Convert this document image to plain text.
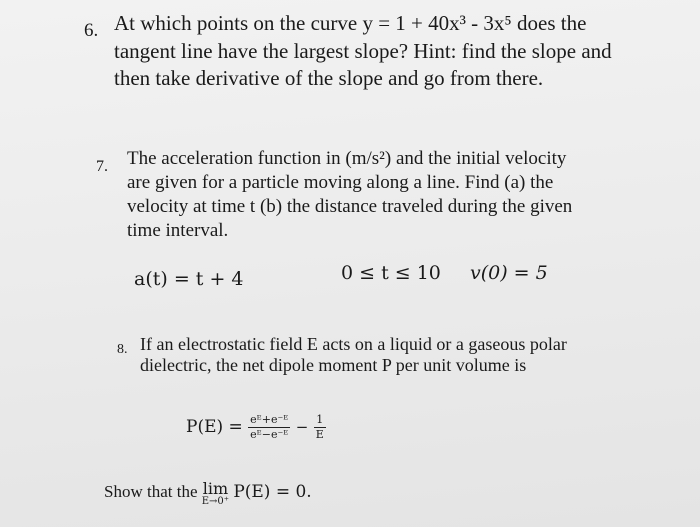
6. At which points on the curve y = 1 + 40x³ - 3x⁵ does the
tangent line have the largest slope? Hint: find the slope and
then take derivative of the slope and go from there.
7. The acceleration function in (m/s²) and the initial velocity
are given for a particle moving along a line. Find (a) the
velocity at time t (b) the distance traveled during the given
time interval.
a(t) = t + 4	0 ≤ t ≤ 10 v(0) = 5
8. If an electrostatic field E acts on a liquid or a gaseous polar
dielectric, the net dipole moment P per unit volume is
$P(E) = \frac{\text{eᴱ+e⁻ᴱ}}{\text{eᴱ−e⁻ᴱ}} - \frac{1}{E}$
Show that the lim
E→0⁺ P(E) = 0.
